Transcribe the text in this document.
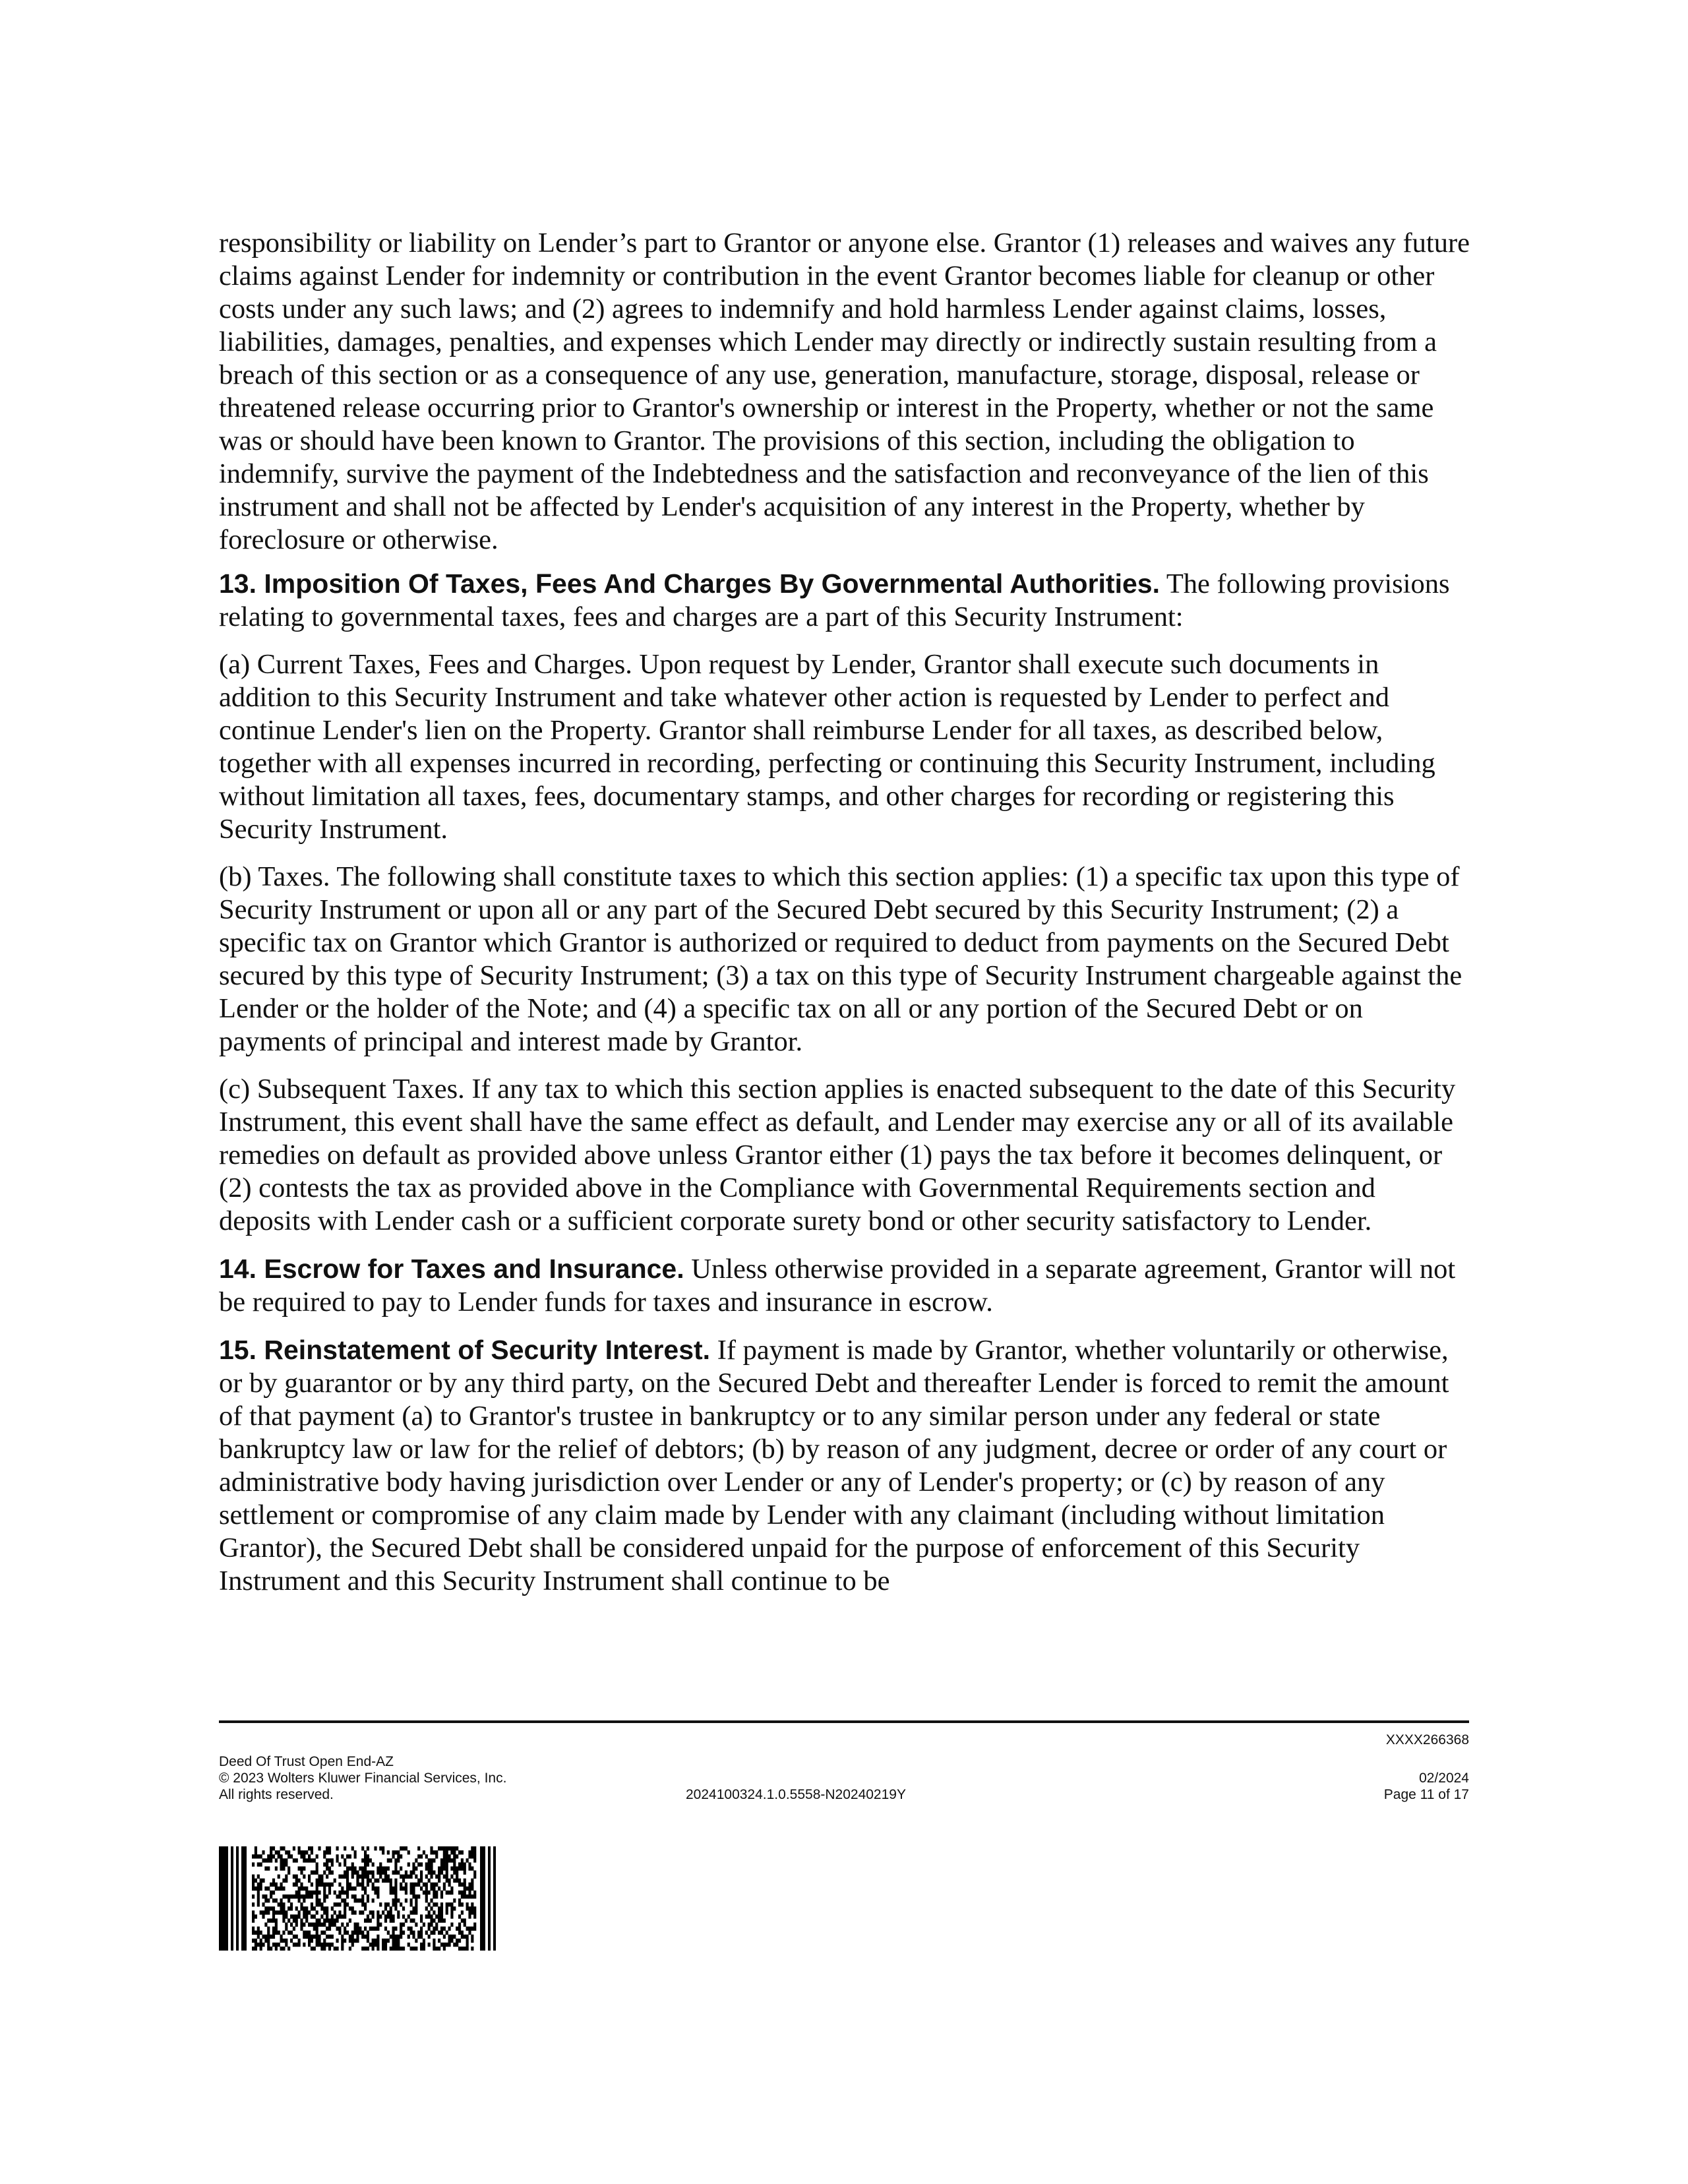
responsibility or liability on Lender’s part to Grantor or anyone else. Grantor (1) releases and waives any future claims against Lender for indemnity or contribution in the event Grantor becomes liable for cleanup or other costs under any such laws; and (2) agrees to indemnify and hold harmless Lender against claims, losses, liabilities, damages, penalties, and expenses which Lender may directly or indirectly sustain resulting from a breach of this section or as a consequence of any use, generation, manufacture, storage, disposal, release or threatened release occurring prior to Grantor's ownership or interest in the Property, whether or not the same was or should have been known to Grantor. The provisions of this section, including the obligation to indemnify, survive the payment of the Indebtedness and the satisfaction and reconveyance of the lien of this instrument and shall not be affected by Lender's acquisition of any interest in the Property, whether by foreclosure or otherwise.

13. Imposition Of Taxes, Fees And Charges By Governmental Authorities. The following provisions relating to governmental taxes, fees and charges are a part of this Security Instrument:

(a) Current Taxes, Fees and Charges. Upon request by Lender, Grantor shall execute such documents in addition to this Security Instrument and take whatever other action is requested by Lender to perfect and continue Lender's lien on the Property. Grantor shall reimburse Lender for all taxes, as described below, together with all expenses incurred in recording, perfecting or continuing this Security Instrument, including without limitation all taxes, fees, documentary stamps, and other charges for recording or registering this Security Instrument.

(b) Taxes. The following shall constitute taxes to which this section applies: (1) a specific tax upon this type of Security Instrument or upon all or any part of the Secured Debt secured by this Security Instrument; (2) a specific tax on Grantor which Grantor is authorized or required to deduct from payments on the Secured Debt secured by this type of Security Instrument; (3) a tax on this type of Security Instrument chargeable against the Lender or the holder of the Note; and (4) a specific tax on all or any portion of the Secured Debt or on payments of principal and interest made by Grantor.

(c) Subsequent Taxes. If any tax to which this section applies is enacted subsequent to the date of this Security Instrument, this event shall have the same effect as default, and Lender may exercise any or all of its available remedies on default as provided above unless Grantor either (1) pays the tax before it becomes delinquent, or (2) contests the tax as provided above in the Compliance with Governmental Requirements section and deposits with Lender cash or a sufficient corporate surety bond or other security satisfactory to Lender.

14. Escrow for Taxes and Insurance. Unless otherwise provided in a separate agreement, Grantor will not be required to pay to Lender funds for taxes and insurance in escrow.

15. Reinstatement of Security Interest. If payment is made by Grantor, whether voluntarily or otherwise, or by guarantor or by any third party, on the Secured Debt and thereafter Lender is forced to remit the amount of that payment (a) to Grantor's trustee in bankruptcy or to any similar person under any federal or state bankruptcy law or law for the relief of debtors; (b) by reason of any judgment, decree or order of any court or administrative body having jurisdiction over Lender or any of Lender's property; or (c) by reason of any settlement or compromise of any claim made by Lender with any claimant (including without limitation Grantor), the Secured Debt shall be considered unpaid for the purpose of enforcement of this Security Instrument and this Security Instrument shall continue to be

XXXX266368
Deed Of Trust Open End-AZ
© 2023 Wolters Kluwer Financial Services, Inc.
All rights reserved.	2024100324.1.0.5558-N20240219Y
02/2024
Page 11 of 17
